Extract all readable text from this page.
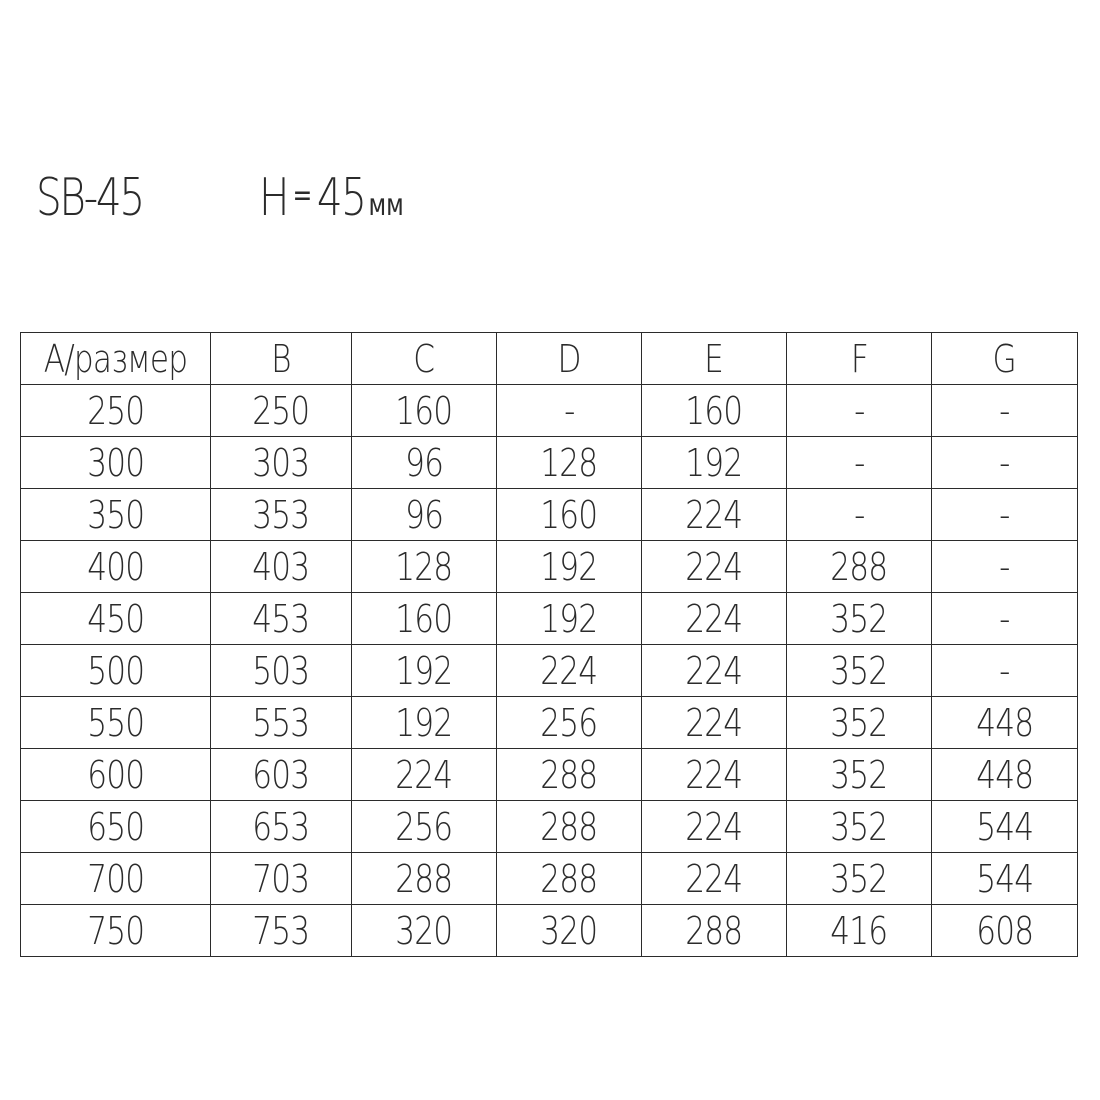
SB-45 H =45 мм
A/размер	B	C	D	E	F	G
250	250	160	-	160	-	-
300	303	96	128	192	-	-
350	353	96	160	224	-	-
400	403	128	192	224	288	-
450	453	160	192	224	352	-
500	503	192	224	224	352	-
550	553	192	256	224	352	448
600	603	224	288	224	352	448
650	653	256	288	224	352	544
700	703	288	288	224	352	544
750	753	320	320	288	416	608
